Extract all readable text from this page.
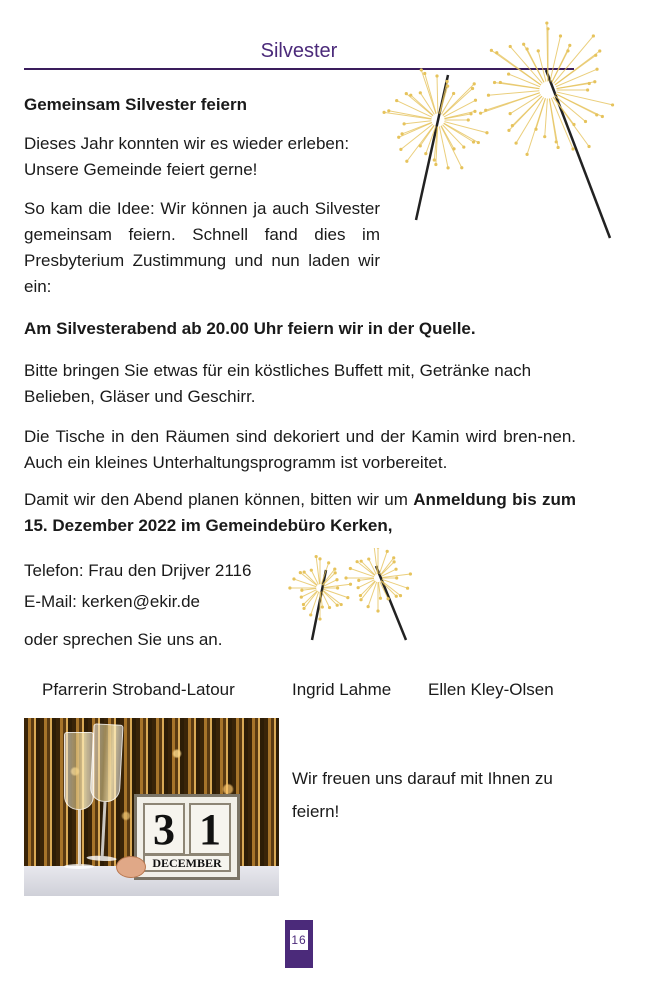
Silvester
Gemeinsam Silvester feiern
Dieses Jahr konnten wir es wieder erleben: Unsere Gemeinde feiert gerne!
So kam die Idee: Wir können ja auch Silvester gemeinsam feiern. Schnell fand dies im Presbyterium Zustimmung und nun laden wir ein:
Am Silvesterabend ab 20.00 Uhr feiern wir in der Quelle.
Bitte bringen Sie etwas für ein köstliches Buffett mit, Getränke nach Belieben, Gläser und Geschirr.
Die Tische in den Räumen sind dekoriert und der Kamin wird bren-nen. Auch ein kleines Unterhaltungsprogramm ist vorbereitet.
Damit wir den Abend planen können, bitten wir um Anmeldung bis zum 15. Dezember 2022 im Gemeindebüro Kerken,
Telefon: Frau den Drijver 2116
E-Mail: kerken@ekir.de
oder sprechen Sie uns an.
Pfarrerin Stroband-Latour	Ingrid Lahme Ellen Kley-Olsen
3 1
DECEMBER
Wir freuen uns darauf mit Ihnen zu feiern!
16
